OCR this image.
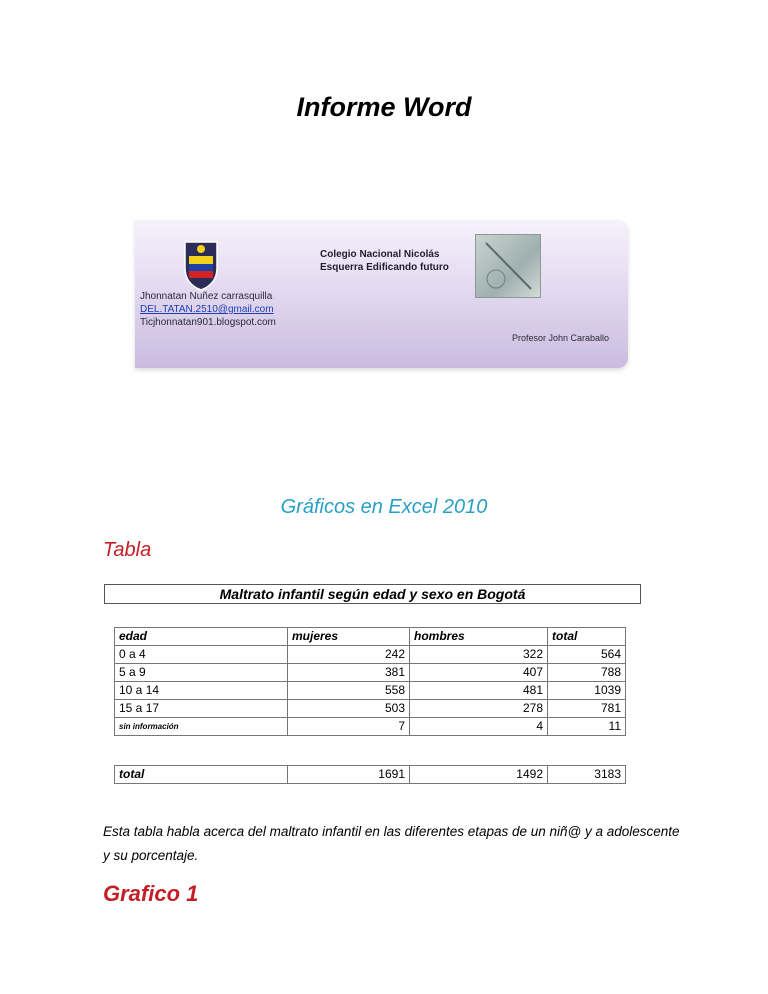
Informe Word
Colegio Nacional Nicolás
Esquerra Edificando futuro
Jhonnatan Nuñez carrasquilla
DEL.TATAN.2510@gmail.com
Ticjhonnatan901.blogspot.com
Profesor John Caraballo
Gráficos en Excel 2010
Tabla
Maltrato infantil según edad y sexo en Bogotá
edad	mujeres	hombres	total
0 a 4	242	322	564
5 a 9	381	407	788
10 a 14	558	481	1039
15 a 17	503	278	781
sin información	7	4	11
total	1691	1492	3183
Esta tabla habla acerca del maltrato infantil en las diferentes etapas de un niñ@ y a adolescente y su porcentaje.
Grafico 1
